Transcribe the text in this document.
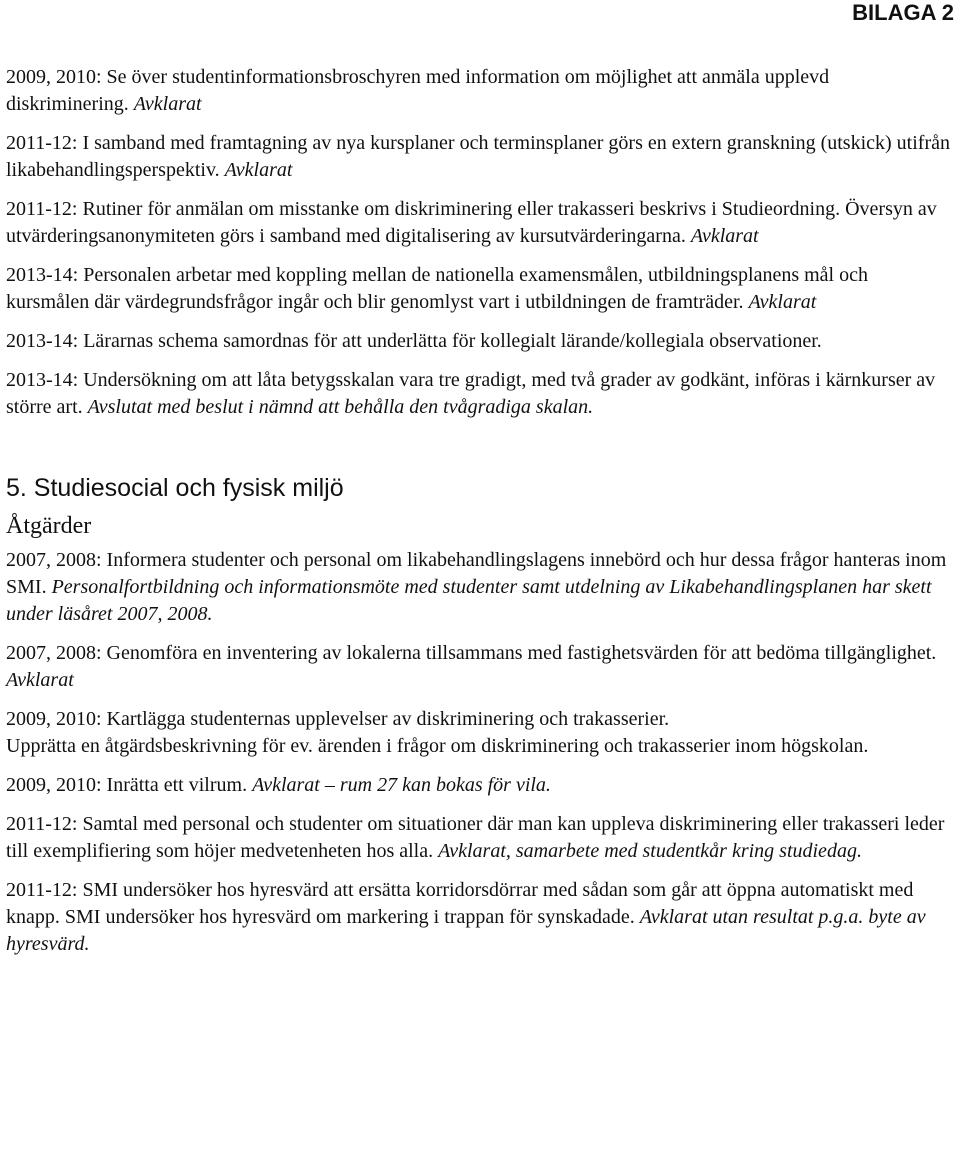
BILAGA 2

2009, 2010: Se över studentinformationsbroschyren med information om möjlighet att anmäla upplevd diskriminering. Avklarat

2011-12: I samband med framtagning av nya kursplaner och terminsplaner görs en extern granskning (utskick) utifrån likabehandlingsperspektiv. Avklarat

2011-12: Rutiner för anmälan om misstanke om diskriminering eller trakasseri beskrivs i Studieordning. Översyn av utvärderingsanonymiteten görs i samband med digitalisering av kursutvärderingarna. Avklarat

2013-14: Personalen arbetar med koppling mellan de nationella examensmålen, utbildningsplanens mål och kursmålen där värdegrundsfrågor ingår och blir genomlyst vart i utbildningen de framträder. Avklarat

2013-14: Lärarnas schema samordnas för att underlätta för kollegialt lärande/kollegiala observationer.

2013-14: Undersökning om att låta betygsskalan vara tre gradigt, med två grader av godkänt, införas i kärnkurser av större art. Avslutat med beslut i nämnd att behålla den tvågradiga skalan.

5. Studiesocial och fysisk miljö
Åtgärder

2007, 2008: Informera studenter och personal om likabehandlingslagens innebörd och hur dessa frågor hanteras inom SMI. Personalfortbildning och informationsmöte med studenter samt utdelning av Likabehandlingsplanen har skett under läsåret 2007, 2008.

2007, 2008: Genomföra en inventering av lokalerna tillsammans med fastighetsvärden för att bedöma tillgänglighet. Avklarat

2009, 2010: Kartlägga studenternas upplevelser av diskriminering och trakasserier.

Upprätta en åtgärdsbeskrivning för ev. ärenden i frågor om diskriminering och trakasserier inom högskolan.

2009, 2010: Inrätta ett vilrum. Avklarat – rum 27 kan bokas för vila.

2011-12: Samtal med personal och studenter om situationer där man kan uppleva diskriminering eller trakasseri leder till exemplifiering som höjer medvetenheten hos alla. Avklarat, samarbete med studentkår kring studiedag.

2011-12: SMI undersöker hos hyresvärd att ersätta korridorsdörrar med sådan som går att öppna automatiskt med knapp. SMI undersöker hos hyresvärd om markering i trappan för synskadade. Avklarat utan resultat p.g.a. byte av hyresvärd.
